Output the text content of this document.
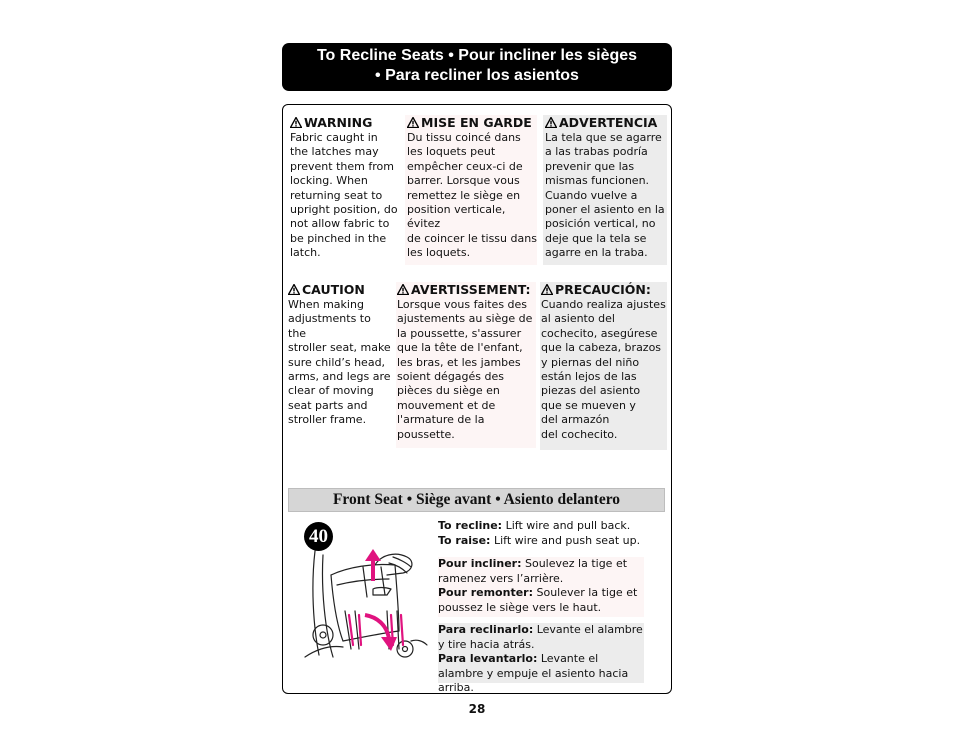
To Recline Seats • Pour incliner les sièges
• Para recliner los asientos
WARNING
Fabric caught in
the latches may
prevent them from
locking. When
returning seat to
upright position, do
not allow fabric to
be pinched in the
latch.
MISE EN GARDE
Du tissu coincé dans
les loquets peut
empêcher ceux-ci de
barrer. Lorsque vous
remettez le siège en
position verticale, évitez
de coincer le tissu dans
les loquets.
ADVERTENCIA
La tela que se agarre
a las trabas podría
prevenir que las
mismas funcionen.
Cuando vuelve a
poner el asiento en la
posición vertical, no
deje que la tela se
agarre en la traba.
CAUTION
When making
adjustments to the
stroller seat, make
sure child’s head,
arms, and legs are
clear of moving
seat parts and
stroller frame.
AVERTISSEMENT:
Lorsque vous faites des
ajustements au siège de
la poussette, s'assurer
que la tête de l'enfant,
les bras, et les jambes
soient dégagés des
pièces du siège en
mouvement et de
l'armature de la
poussette.
PRECAUCIÓN:
Cuando realiza ajustes
al asiento del
cochecito, asegúrese
que la cabeza, brazos
y piernas del niño
están lejos de las
piezas del asiento
que se mueven y
del armazón
del cochecito.
Front Seat • Siège avant • Asiento delantero
40
To recline: Lift wire and pull back.
To raise: Lift wire and push seat up.
Pour incliner: Soulevez la tige et ramenez vers l’arrière.
Pour remonter: Soulever la tige et poussez le siège vers le haut.
Para reclinarlo: Levante el alambre y tire hacia atrás.
Para levantarlo: Levante el alambre y empuje el asiento hacia arriba.
28
